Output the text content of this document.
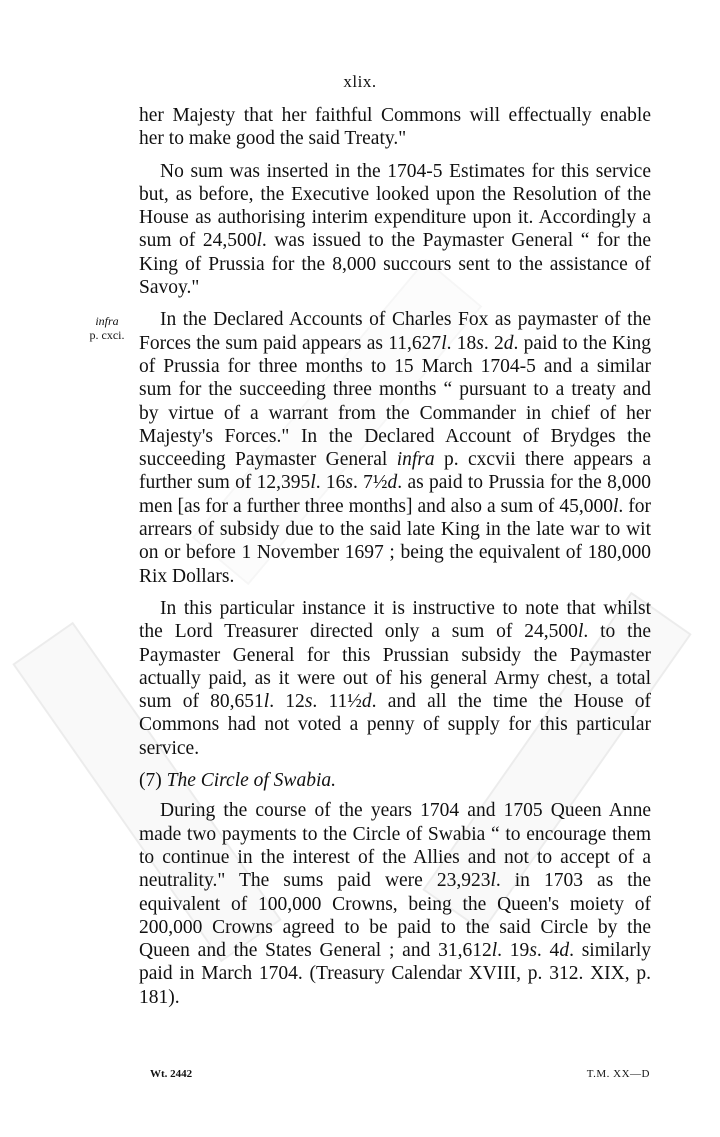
xlix.
infra
p. cxci.

her Majesty that her faithful Commons will effectually enable her to make good the said Treaty."

No sum was inserted in the 1704-5 Estimates for this service but, as before, the Executive looked upon the Resolution of the House as authorising interim expenditure upon it. Accordingly a sum of 24,500l. was issued to the Paymaster General “ for the King of Prussia for the 8,000 succours sent to the assistance of Savoy."

In the Declared Accounts of Charles Fox as paymaster of the Forces the sum paid appears as 11,627l. 18s. 2d. paid to the King of Prussia for three months to 15 March 1704-5 and a similar sum for the succeeding three months “ pursuant to a treaty and by virtue of a warrant from the Commander in chief of her Majesty's Forces." In the Declared Account of Brydges the succeeding Paymaster General infra p. cxcvii there appears a further sum of 12,395l. 16s. 7½d. as paid to Prussia for the 8,000 men [as for a further three months] and also a sum of 45,000l. for arrears of subsidy due to the said late King in the late war to wit on or before 1 November 1697 ; being the equivalent of 180,000 Rix Dollars.

In this particular instance it is instructive to note that whilst the Lord Treasurer directed only a sum of 24,500l. to the Paymaster General for this Prussian subsidy the Paymaster actually paid, as it were out of his general Army chest, a total sum of 80,651l. 12s. 11½d. and all the time the House of Commons had not voted a penny of supply for this particular service.

(7) The Circle of Swabia.

During the course of the years 1704 and 1705 Queen Anne made two payments to the Circle of Swabia “ to encourage them to continue in the interest of the Allies and not to accept of a neutrality." The sums paid were 23,923l. in 1703 as the equivalent of 100,000 Crowns, being the Queen's moiety of 200,000 Crowns agreed to be paid to the said Circle by the Queen and the States General ; and 31,612l. 19s. 4d. similarly paid in March 1704. (Treasury Calendar XVIII, p. 312. XIX, p. 181).

Wt. 2442	T.M. XX—D
